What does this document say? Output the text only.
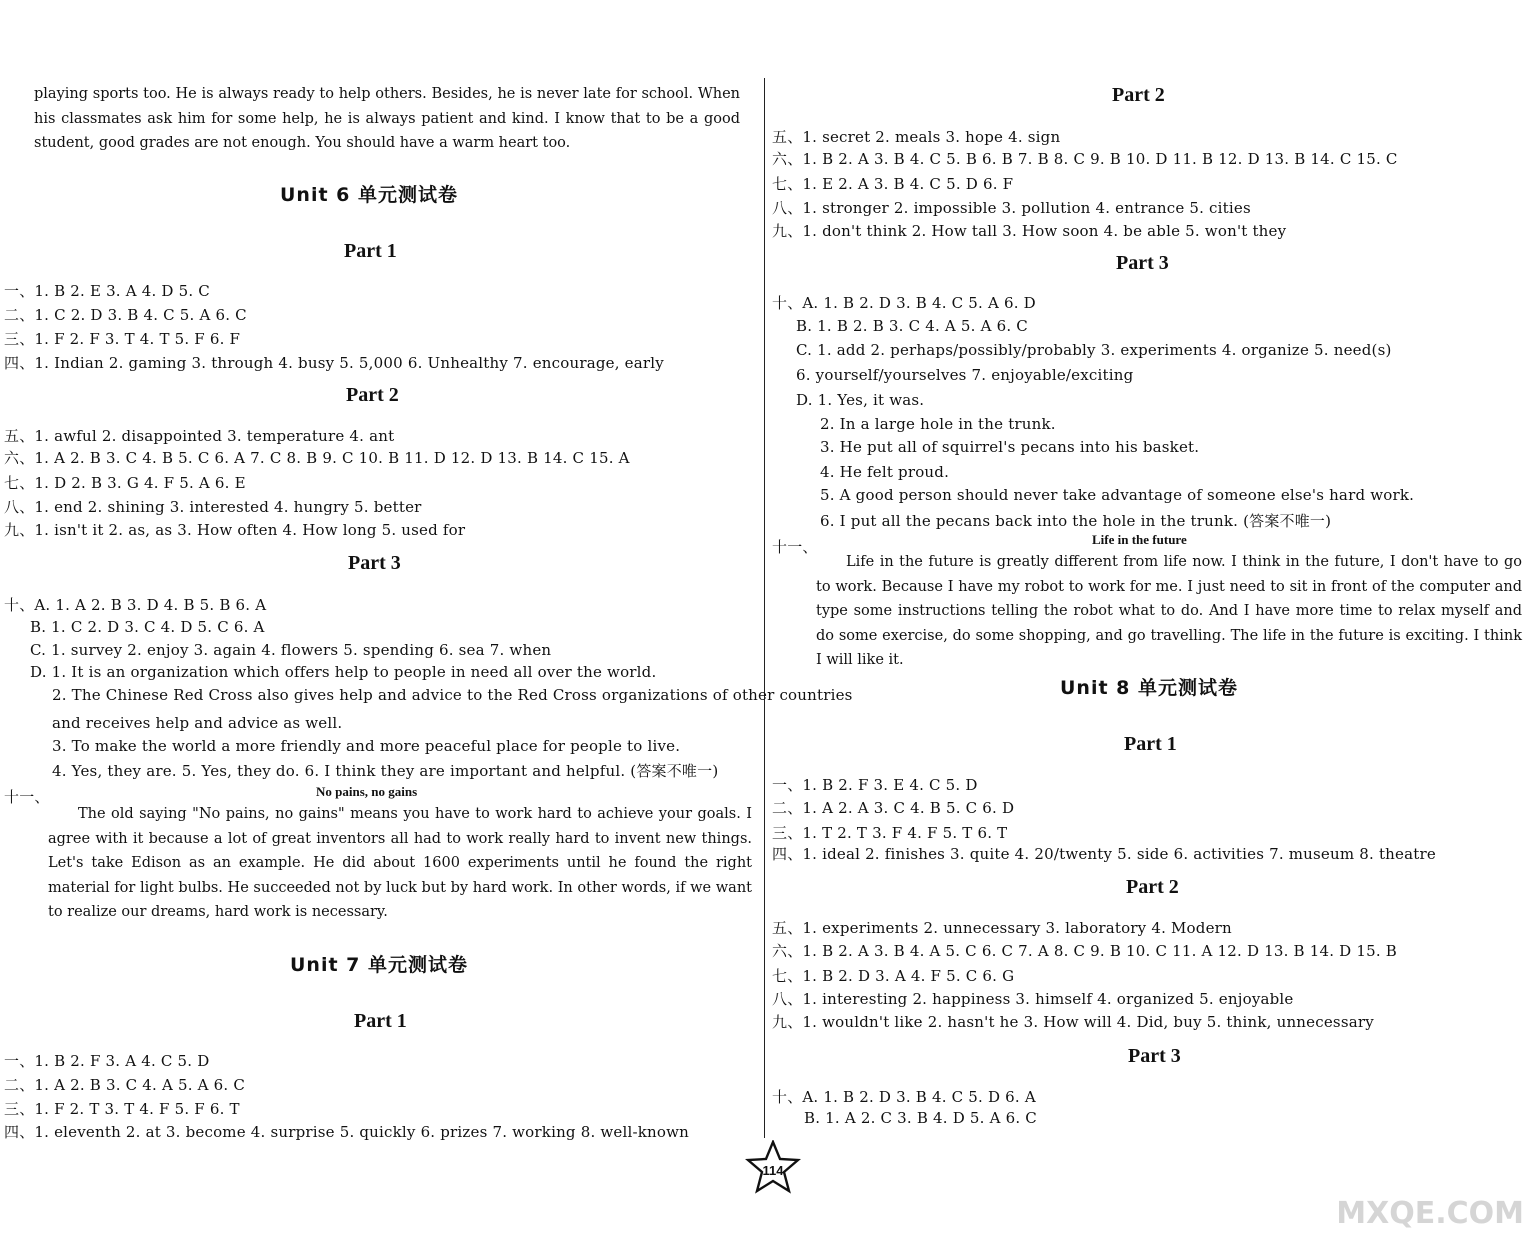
playing sports too. He is always ready to help others. Besides, he is never late for school. When his classmates ask him for some help, he is always patient and kind. I know that to be a good student, good grades are not enough. You should have a warm heart too.
Unit 6 单元测试卷
Part 1
一、1. B 2. E 3. A 4. D 5. C
二、1. C 2. D 3. B 4. C 5. A 6. C
三、1. F 2. F 3. T 4. T 5. F 6. F
四、1. Indian 2. gaming 3. through 4. busy 5. 5,000 6. Unhealthy 7. encourage, early
Part 2
五、1. awful 2. disappointed 3. temperature 4. ant
六、1. A 2. B 3. C 4. B 5. C 6. A 7. C 8. B 9. C 10. B 11. D 12. D 13. B 14. C 15. A
七、1. D 2. B 3. G 4. F 5. A 6. E
八、1. end 2. shining 3. interested 4. hungry 5. better
九、1. isn't it 2. as, as 3. How often 4. How long 5. used for
Part 3
十、A. 1. A 2. B 3. D 4. B 5. B 6. A
B. 1. C 2. D 3. C 4. D 5. C 6. A
C. 1. survey 2. enjoy 3. again 4. flowers 5. spending 6. sea 7. when
D. 1. It is an organization which offers help to people in need all over the world.
2. The Chinese Red Cross also gives help and advice to the Red Cross organizations of other countries
and receives help and advice as well.
3. To make the world a more friendly and more peaceful place for people to live.
4. Yes, they are. 5. Yes, they do. 6. I think they are important and helpful. (答案不唯一)
十一、	No pains, no gains
The old saying "No pains, no gains" means you have to work hard to achieve your goals. I agree with it because a lot of great inventors all had to work really hard to invent new things. Let's take Edison as an example. He did about 1600 experiments until he found the right material for light bulbs. He succeeded not by luck but by hard work. In other words, if we want to realize our dreams, hard work is necessary.
Unit 7 单元测试卷
Part 1
一、1. B 2. F 3. A 4. C 5. D
二、1. A 2. B 3. C 4. A 5. A 6. C
三、1. F 2. T 3. T 4. F 5. F 6. T
四、1. eleventh 2. at 3. become 4. surprise 5. quickly 6. prizes 7. working 8. well-known
Part 2
五、1. secret 2. meals 3. hope 4. sign
六、1. B 2. A 3. B 4. C 5. B 6. B 7. B 8. C 9. B 10. D 11. B 12. D 13. B 14. C 15. C
七、1. E 2. A 3. B 4. C 5. D 6. F
八、1. stronger 2. impossible 3. pollution 4. entrance 5. cities
九、1. don't think 2. How tall 3. How soon 4. be able 5. won't they
Part 3
十、A. 1. B 2. D 3. B 4. C 5. A 6. D
B. 1. B 2. B 3. C 4. A 5. A 6. C
C. 1. add 2. perhaps/possibly/probably 3. experiments 4. organize 5. need(s)
6. yourself/yourselves 7. enjoyable/exciting
D. 1. Yes, it was.
2. In a large hole in the trunk.
3. He put all of squirrel's pecans into his basket.
4. He felt proud.
5. A good person should never take advantage of someone else's hard work.
6. I put all the pecans back into the hole in the trunk. (答案不唯一)
十一、	Life in the future
Life in the future is greatly different from life now. I think in the future, I don't have to go to work. Because I have my robot to work for me. I just need to sit in front of the computer and type some instructions telling the robot what to do. And I have more time to relax myself and do some exercise, do some shopping, and go travelling. The life in the future is exciting. I think I will like it.
Unit 8 单元测试卷
Part 1
一、1. B 2. F 3. E 4. C 5. D
二、1. A 2. A 3. C 4. B 5. C 6. D
三、1. T 2. T 3. F 4. F 5. T 6. T
四、1. ideal 2. finishes 3. quite 4. 20/twenty 5. side 6. activities 7. museum 8. theatre
Part 2
五、1. experiments 2. unnecessary 3. laboratory 4. Modern
六、1. B 2. A 3. B 4. A 5. C 6. C 7. A 8. C 9. B 10. C 11. A 12. D 13. B 14. D 15. B
七、1. B 2. D 3. A 4. F 5. C 6. G
八、1. interesting 2. happiness 3. himself 4. organized 5. enjoyable
九、1. wouldn't like 2. hasn't he 3. How will 4. Did, buy 5. think, unnecessary
Part 3
十、A. 1. B 2. D 3. B 4. C 5. D 6. A
B. 1. A 2. C 3. B 4. D 5. A 6. C
114
MXQE.COM
